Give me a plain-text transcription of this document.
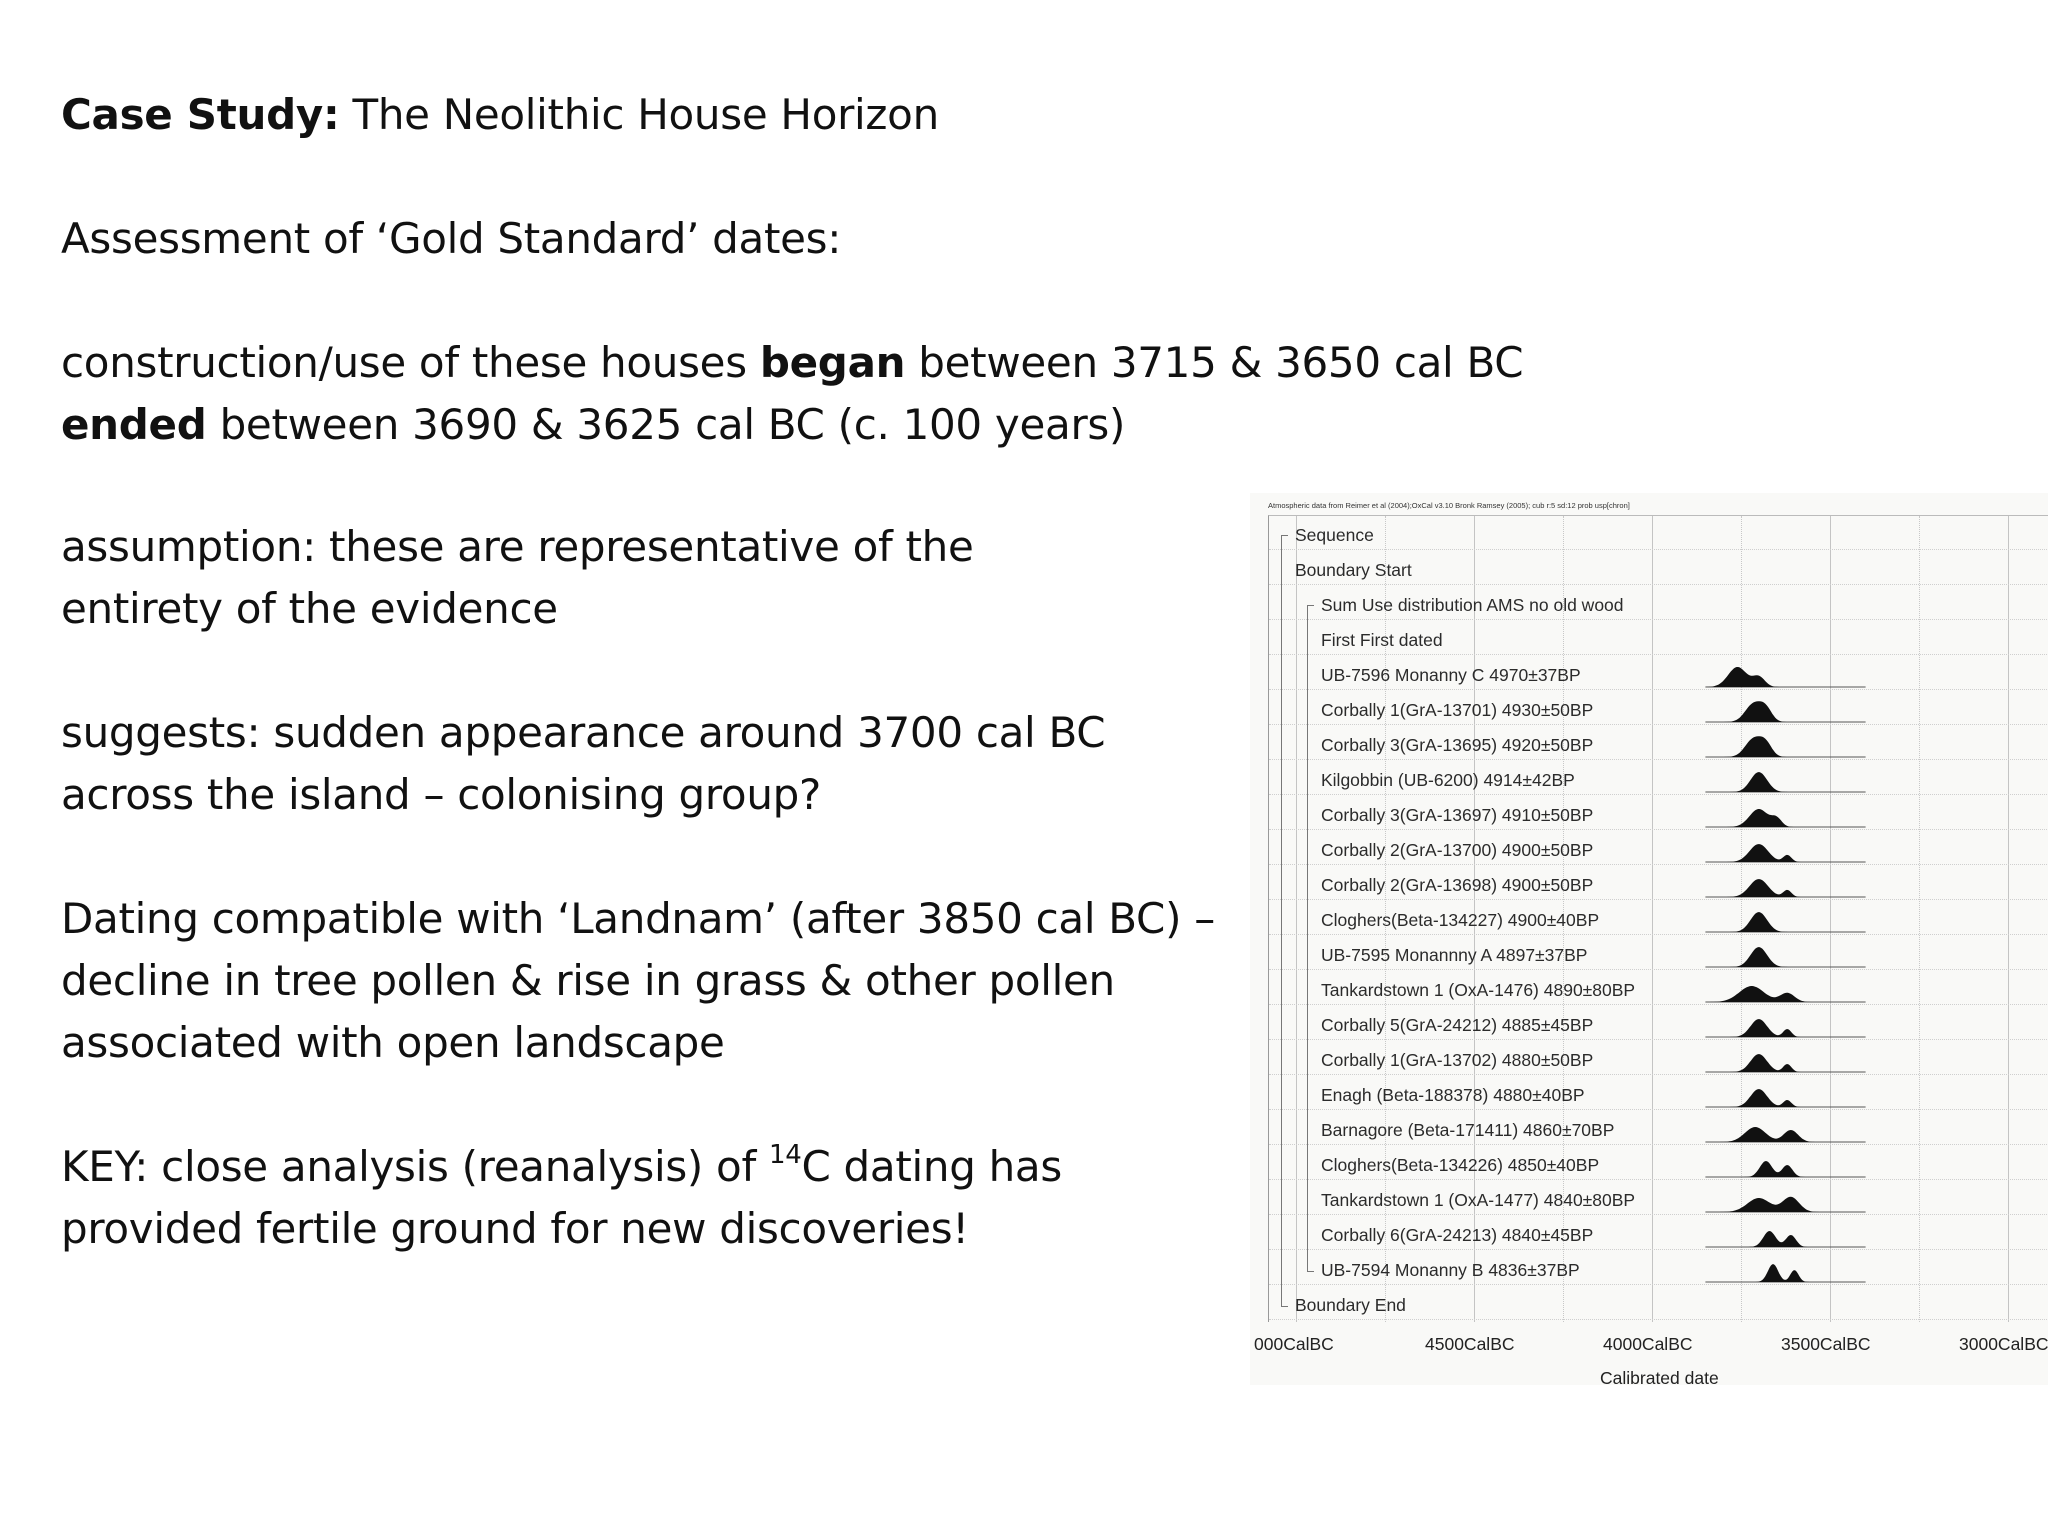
Case Study: The Neolithic House Horizon

Assessment of ‘Gold Standard’ dates:

construction/use of these houses began between 3715 & 3650 cal BC

ended between 3690 & 3625 cal BC (c. 100 years)

assumption: these are representative of the

entirety of the evidence

suggests: sudden appearance around 3700 cal BC

across the island – colonising group?

Dating compatible with ‘Landnam’ (after 3850 cal BC) –

decline in tree pollen & rise in grass & other pollen

associated with open landscape

KEY: close analysis (reanalysis) of $^{14}$C dating has

provided fertile ground for new discoveries!

Atmospheric data from Reimer et al (2004);OxCal v3.10 Bronk Ramsey (2005); cub r:5 sd:12 prob usp[chron]
Sequence
Boundary Start
Sum Use distribution AMS no old wood
First First dated
UB-7596 Monanny C 4970±37BP
Corbally 1(GrA-13701) 4930±50BP
Corbally 3(GrA-13695) 4920±50BP
Kilgobbin (UB-6200) 4914±42BP
Corbally 3(GrA-13697) 4910±50BP
Corbally 2(GrA-13700) 4900±50BP
Corbally 2(GrA-13698) 4900±50BP
Cloghers(Beta-134227) 4900±40BP
UB-7595 Monannny A 4897±37BP
Tankardstown 1 (OxA-1476) 4890±80BP
Corbally 5(GrA-24212) 4885±45BP
Corbally 1(GrA-13702) 4880±50BP
Enagh (Beta-188378) 4880±40BP
Barnagore (Beta-171411) 4860±70BP
Cloghers(Beta-134226) 4850±40BP
Tankardstown 1 (OxA-1477) 4840±80BP
Corbally 6(GrA-24213) 4840±45BP
UB-7594 Monanny B 4836±37BP
Boundary End
000CalBC	4500CalBC	4000CalBC	3500CalBC	3000CalBC
Calibrated date
